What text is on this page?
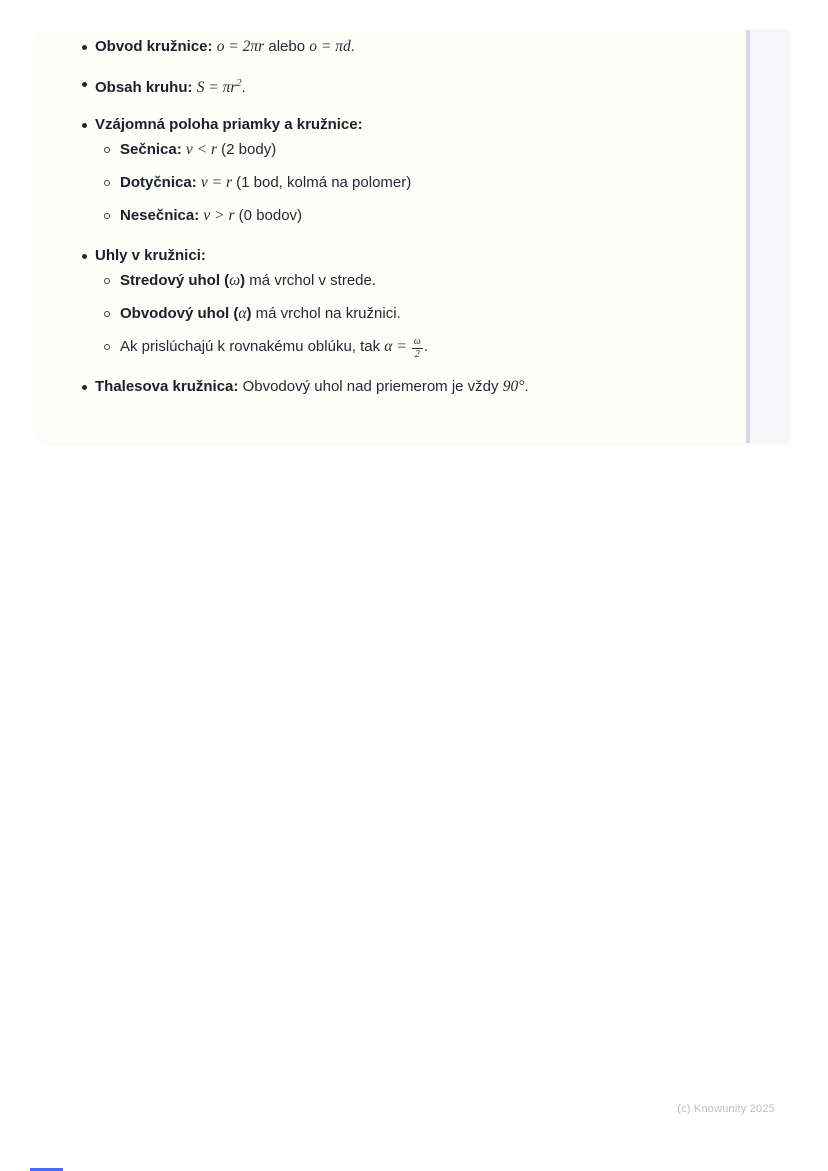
Obvod kružnice: o = 2πr alebo o = πd.
Obsah kruhu: $S = \pi r^2$.
Vzájomná poloha priamky a kružnice:
Sečnica: v < r (2 body)
Dotyčnica: v = r (1 bod, kolmá na polomer)
Nesečnica: v > r (0 bodov)
Uhly v kružnici:
Stredový uhol (ω) má vrchol v strede.
Obvodový uhol (α) má vrchol na kružnici.
Ak prislúchajú k rovnakému oblúku, tak $\alpha = \frac{\omega}{2}$ .
Thalesova kružnica: Obvodový uhol nad priemerom je vždy 90°.
(c) Knowunity 2025
